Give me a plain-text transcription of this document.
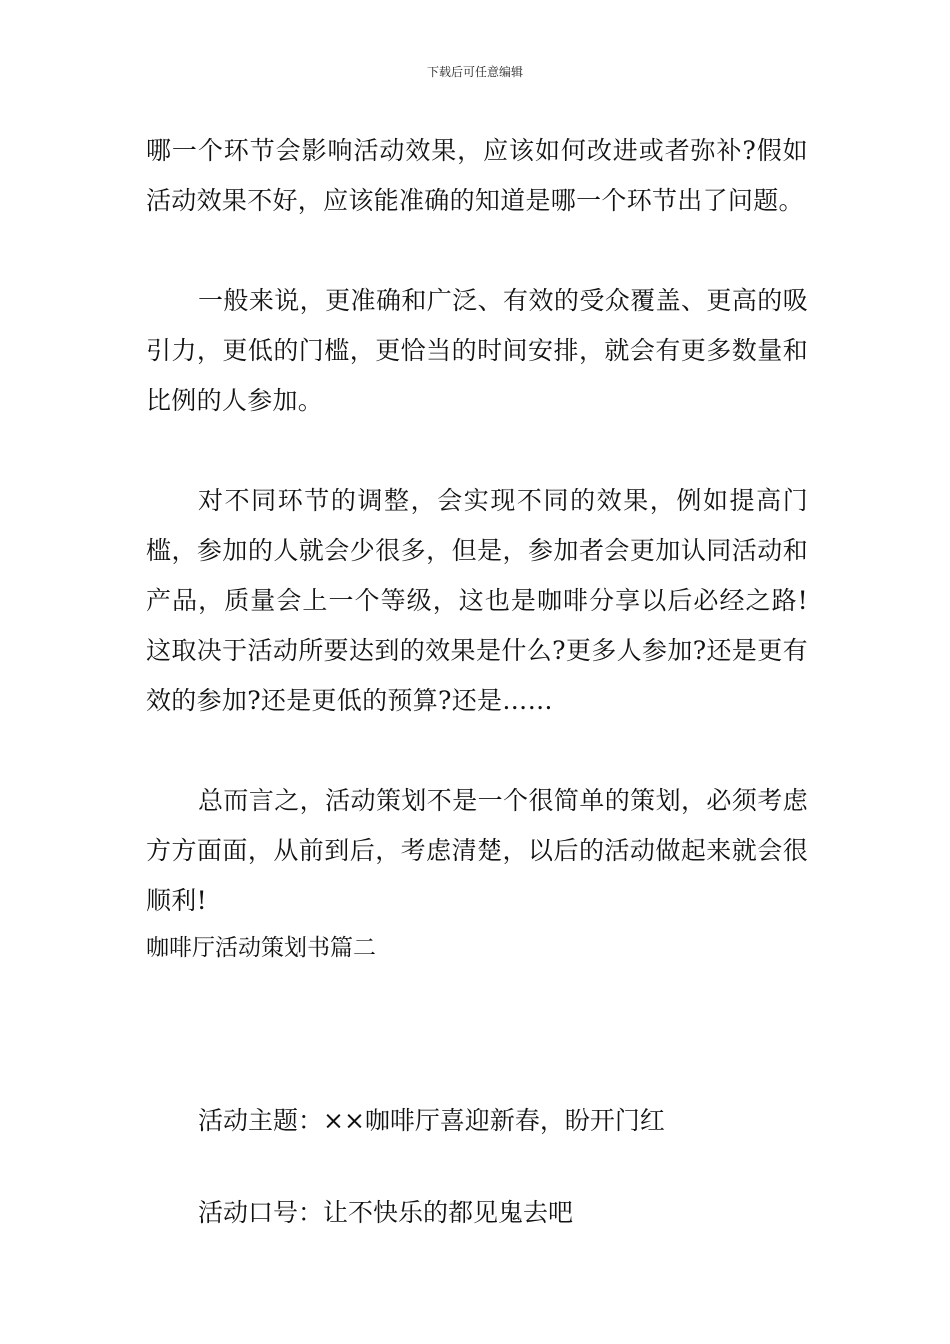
下载后可任意编辑

哪一个环节会影响活动效果，应该如何改进或者弥补?假如活动效果不好，应该能准确的知道是哪一个环节出了问题。

一般来说，更准确和广泛、有效的受众覆盖、更高的吸引力，更低的门槛，更恰当的时间安排，就会有更多数量和比例的人参加。

对不同环节的调整，会实现不同的效果，例如提高门槛，参加的人就会少很多，但是，参加者会更加认同活动和产品，质量会上一个等级，这也是咖啡分享以后必经之路!这取决于活动所要达到的效果是什么?更多人参加?还是更有效的参加?还是更低的预算?还是……

总而言之，活动策划不是一个很简单的策划，必须考虑方方面面，从前到后，考虑清楚，以后的活动做起来就会很顺利!

咖啡厅活动策划书篇二

活动主题：××咖啡厅喜迎新春，盼开门红

活动口号：让不快乐的都见鬼去吧
